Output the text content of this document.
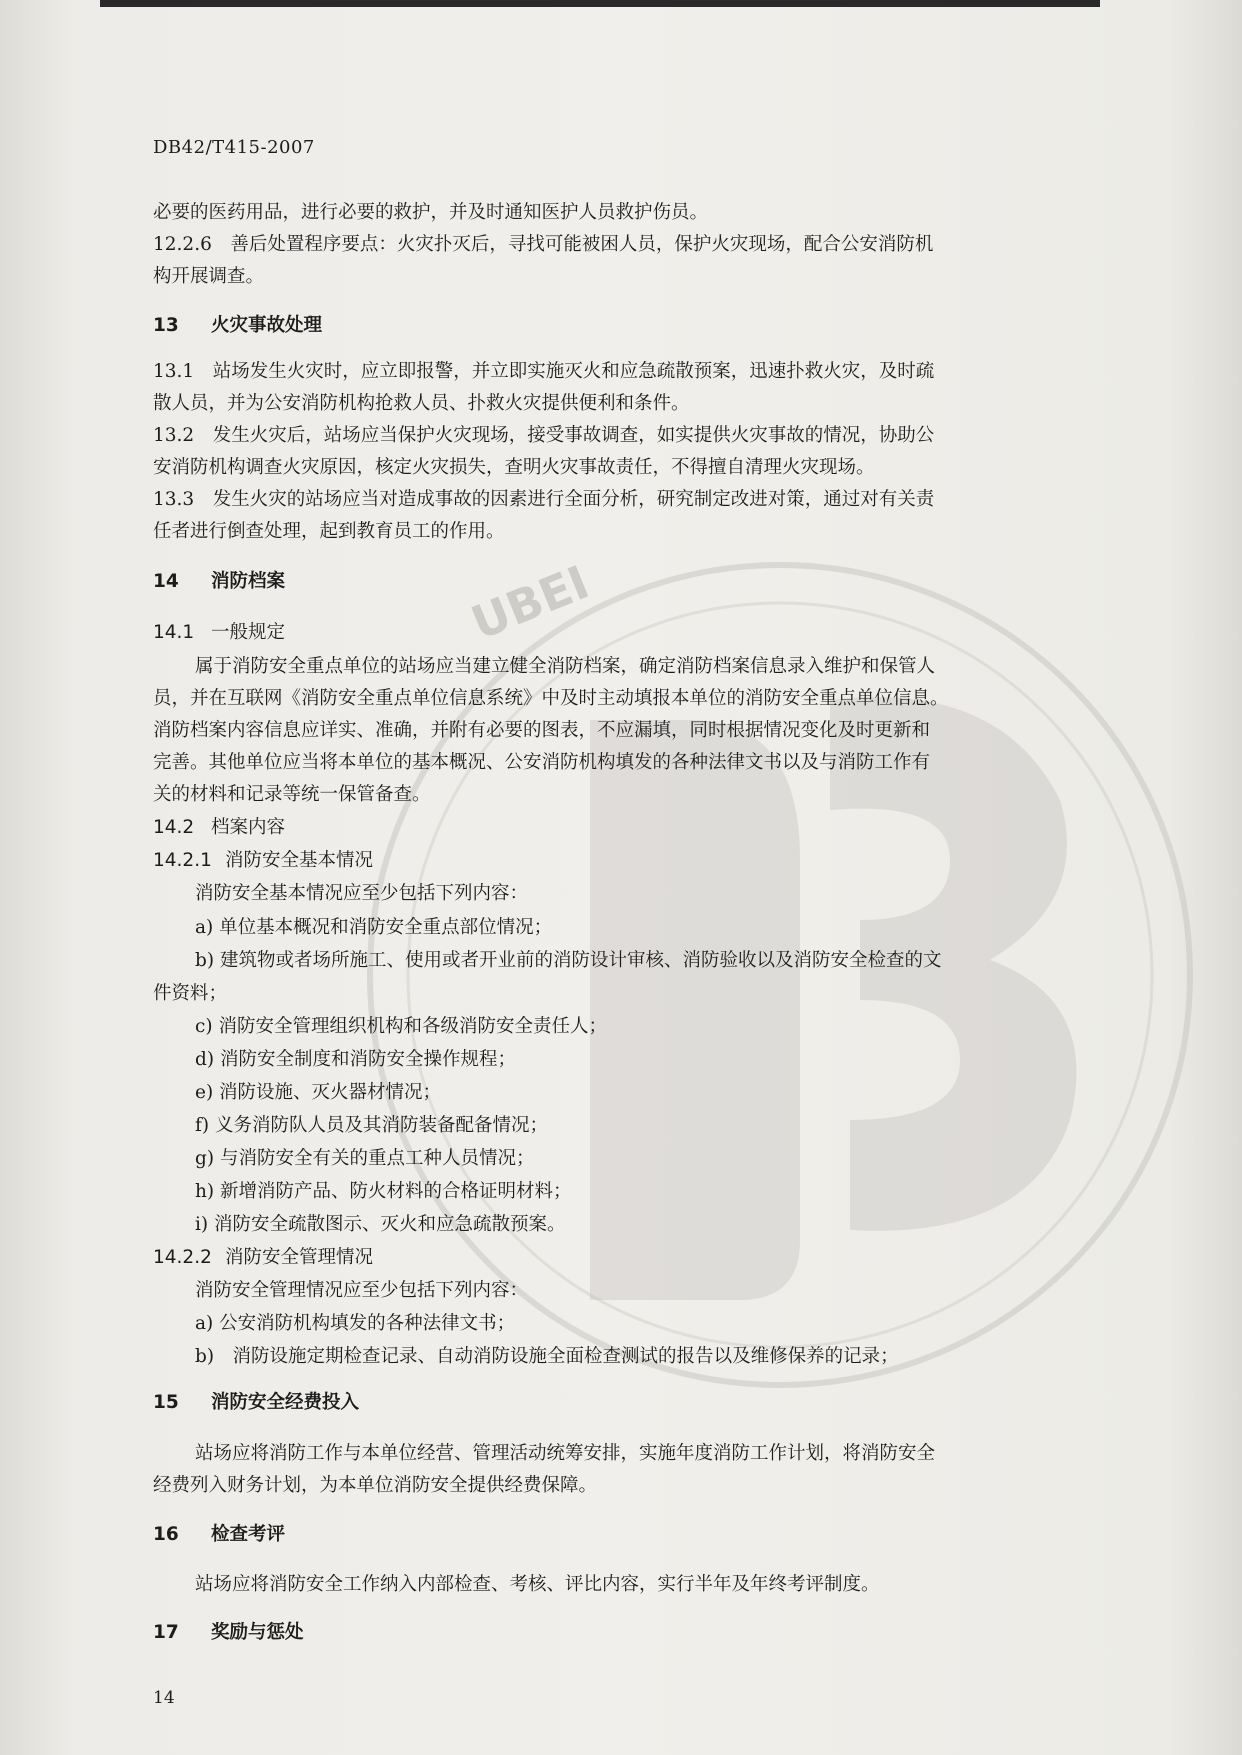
UBEI
DB42/T415-2007
必要的医药用品，进行必要的救护，并及时通知医护人员救护伤员。
12.2.6　善后处置程序要点：火灾扑灭后，寻找可能被困人员，保护火灾现场，配合公安消防机
构开展调查。
13 火灾事故处理
13.1　站场发生火灾时，应立即报警，并立即实施灭火和应急疏散预案，迅速扑救火灾，及时疏
散人员，并为公安消防机构抢救人员、扑救火灾提供便利和条件。
13.2　发生火灾后，站场应当保护火灾现场，接受事故调查，如实提供火灾事故的情况，协助公
安消防机构调查火灾原因，核定火灾损失，查明火灾事故责任，不得擅自清理火灾现场。
13.3　发生火灾的站场应当对造成事故的因素进行全面分析，研究制定改进对策，通过对有关责
任者进行倒查处理，起到教育员工的作用。
14 消防档案
14.1 一般规定
属于消防安全重点单位的站场应当建立健全消防档案，确定消防档案信息录入维护和保管人
员，并在互联网《消防安全重点单位信息系统》中及时主动填报本单位的消防安全重点单位信息。
消防档案内容信息应详实、准确，并附有必要的图表，不应漏填，同时根据情况变化及时更新和
完善。其他单位应当将本单位的基本概况、公安消防机构填发的各种法律文书以及与消防工作有
关的材料和记录等统一保管备查。
14.2 档案内容
14.2.1 消防安全基本情况
消防安全基本情况应至少包括下列内容：
a) 单位基本概况和消防安全重点部位情况；
b) 建筑物或者场所施工、使用或者开业前的消防设计审核、消防验收以及消防安全检查的文
件资料；
c) 消防安全管理组织机构和各级消防安全责任人；
d) 消防安全制度和消防安全操作规程；
e) 消防设施、灭火器材情况；
f) 义务消防队人员及其消防装备配备情况；
g) 与消防安全有关的重点工种人员情况；
h) 新增消防产品、防火材料的合格证明材料；
i) 消防安全疏散图示、灭火和应急疏散预案。
14.2.2 消防安全管理情况
消防安全管理情况应至少包括下列内容：
a) 公安消防机构填发的各种法律文书；
b)　消防设施定期检查记录、自动消防设施全面检查测试的报告以及维修保养的记录；
15 消防安全经费投入
站场应将消防工作与本单位经营、管理活动统筹安排，实施年度消防工作计划，将消防安全
经费列入财务计划，为本单位消防安全提供经费保障。
16 检查考评
站场应将消防安全工作纳入内部检查、考核、评比内容，实行半年及年终考评制度。
17 奖励与惩处
14
